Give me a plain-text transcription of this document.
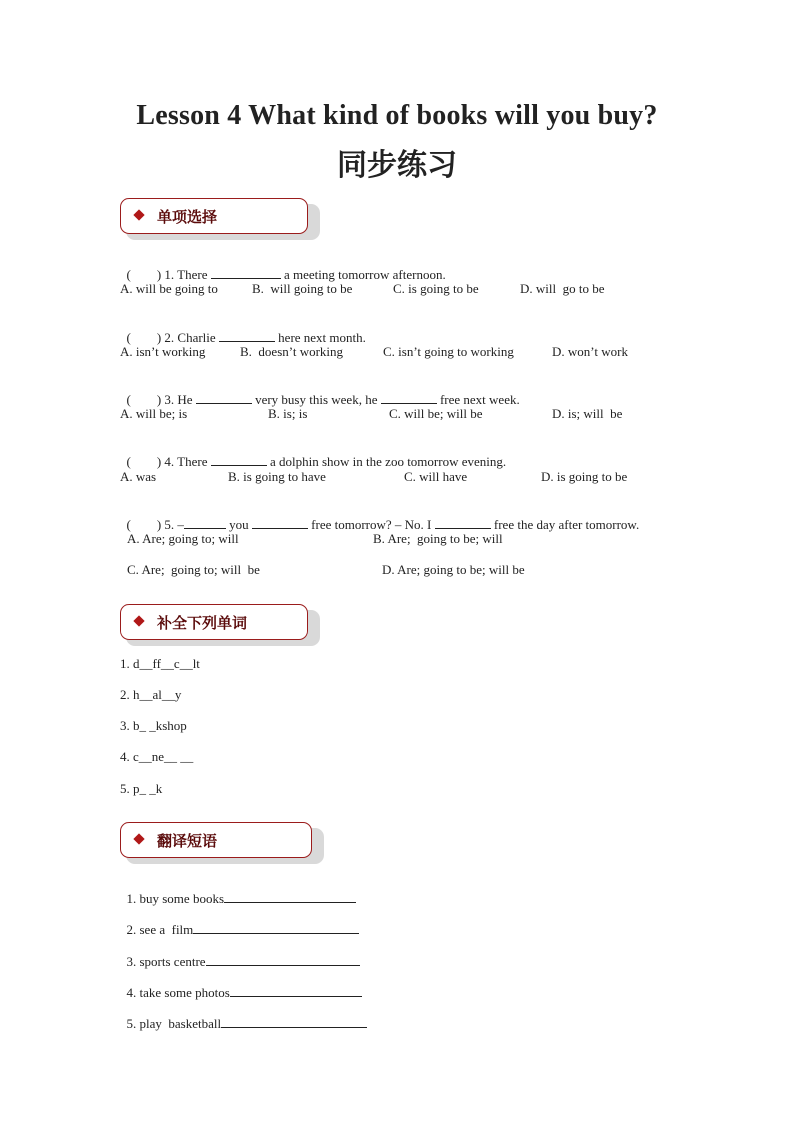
Lesson 4 What kind of books will you buy?
同步练习
单项选择

(        ) 1. There	a meeting tomorrow afternoon.

A. will be going to	B.  will going to be	C. is going to be	D. will  go to be

(        ) 2. Charlie	here next month.

A. isn’t working	B.  doesn’t working	C. isn’t going to working	D. won’t work

(        ) 3. He	very busy this week, he	free next week.

A. will be; is	B. is; is	C. will be; will be	D. is; will  be

(        ) 4. There	a dolphin show in the zoo tomorrow evening.

A. was	B. is going to have	C. will have	D. is going to be

(        ) 5. –	you	free tomorrow? – No. I	free the day after tomorrow.

A. Are; going to; will	B. Are;  going to be; will
C. Are;  going to; will  be	D. Are; going to be; will be
补全下列单词
1. d__ff__c__lt
2. h__al__y
3. b_ _kshop
4. c__ne__ __
5. p_ _k
翻译短语

1. buy some books

2. see a  film

3. sports centre

4. take some photos

5. play  basketball
